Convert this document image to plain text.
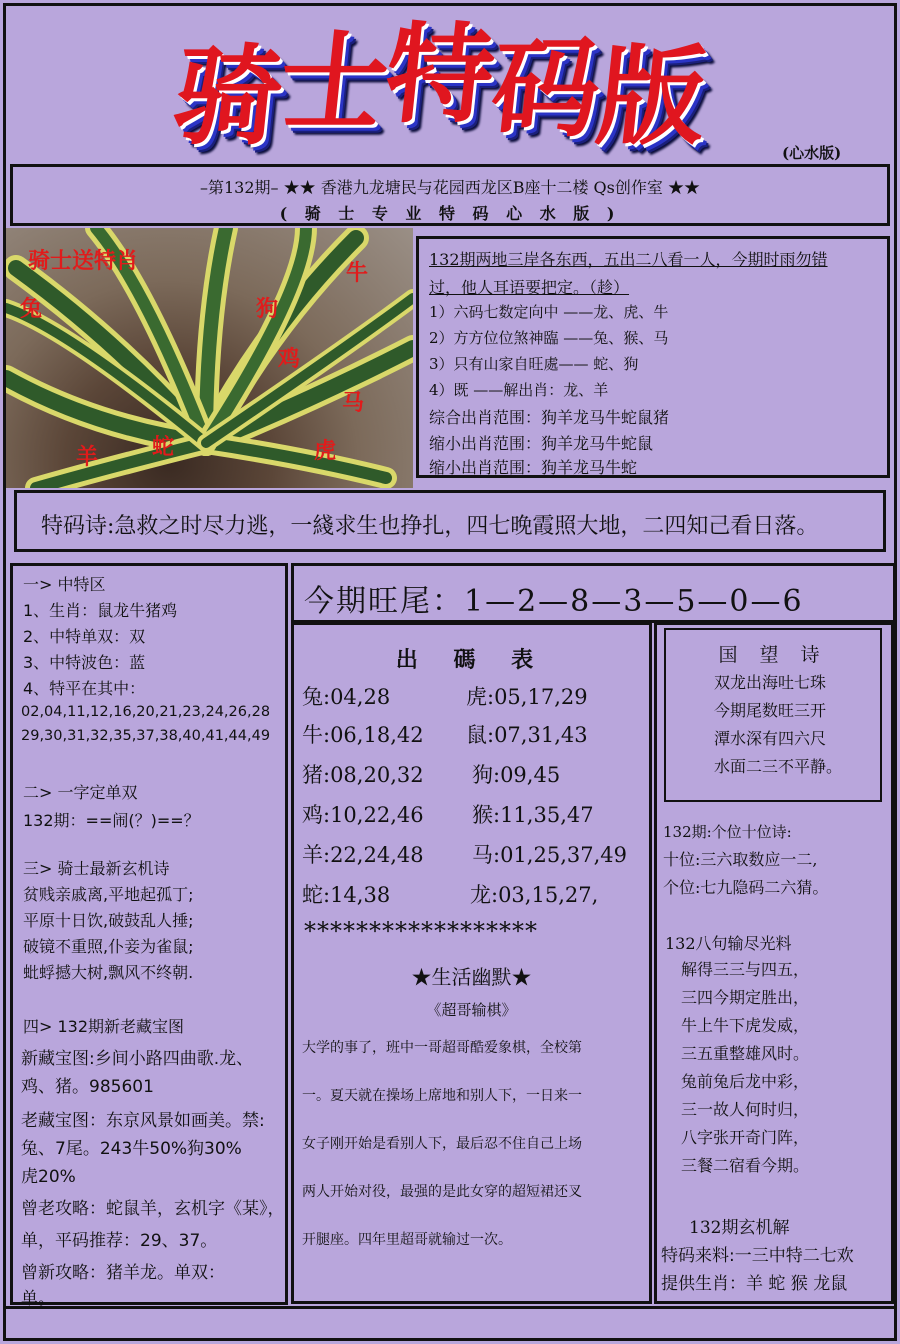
骑
士
特
码
版	(心水版)
–第132期– ★★ 香港九龙塘民与花园西龙区B座十二楼 Qs创作室 ★★
( 骑 士 专 业 特 码 心 水 版 )
骑士送特肖	牛
兔	狗
鸡
马
羊 蛇	虎
132期两地三岸各东西，五出二八看一人，今期时雨勿错
过，他人耳语要把定。（趁）
1）六码七数定向中 ——龙、虎、牛
2）方方位位煞神臨 ——兔、猴、马
3）只有山家自旺處—— 蛇、狗
4）既 ——解出肖：龙、羊
综合出肖范围：狗羊龙马牛蛇鼠猪
缩小出肖范围：狗羊龙马牛蛇鼠
缩小出肖范围：狗羊龙马牛蛇
特码诗:急救之时尽力逃，一綫求生也挣扎，四七晚霞照大地，二四知己看日落。
一> 中特区
1、生肖：鼠龙牛猪鸡
2、中特单双：双
3、中特波色：蓝
4、特平在其中：
02,04,11,12,16,20,21,23,24,26,28
29,30,31,32,35,37,38,40,41,44,49
二> 一字定单双
132期：==闹(？)==？
三> 骑士最新玄机诗
贫贱亲戚离,平地起孤丁;
平原十日饮,破鼓乱人捶;
破镜不重照,仆妾为雀鼠;
蚍蜉撼大树,飘风不终朝.
四> 132期新老藏宝图
新藏宝图:乡间小路四曲歌.龙、
鸡、猪。985601
老藏宝图：东京风景如画美。禁:
兔、7尾。243牛50%狗30%
虎20%
曾老攻略：蛇鼠羊，玄机字《某》，
单，平码推荐：29、37。
曾新攻略：猪羊龙。单双：
单。
今期旺尾：1—2—8—3—5—0—6
出 碼 表
兔:04,28	虎:05,17,29
牛:06,18,42 鼠:07,31,43
猪:08,20,32 狗:09,45
鸡:10,22,46 猴:11,35,47
羊:22,24,48 马:01,25,37,49
蛇:14,38	龙:03,15,27,
******************
★生活幽默★
《超哥输棋》
大学的事了，班中一哥超哥酷爱象棋，全校第
一。夏天就在操场上席地和别人下，一日来一
女子刚开始是看别人下，最后忍不住自己上场
两人开始对役，最强的是此女穿的超短裙还叉
开腿座。四年里超哥就输过一次。
132期:个位十位诗:
十位:三六取数应一二,
个位:七九隐码二六猜。
132八句输尽光料
解得三三与四五，
三四今期定胜出，
牛上牛下虎发威，
三五重整雄风时。
兔前兔后龙中彩，
三一故人何时归，
八字张开奇门阵，
三餐二宿看今期。
132期玄机解
特码来料:一三中特二七欢
提供生肖：羊 蛇 猴 龙鼠
国 望 诗
双龙出海吐七珠
今期尾数旺三开
潭水深有四六尺
水面二三不平静。
